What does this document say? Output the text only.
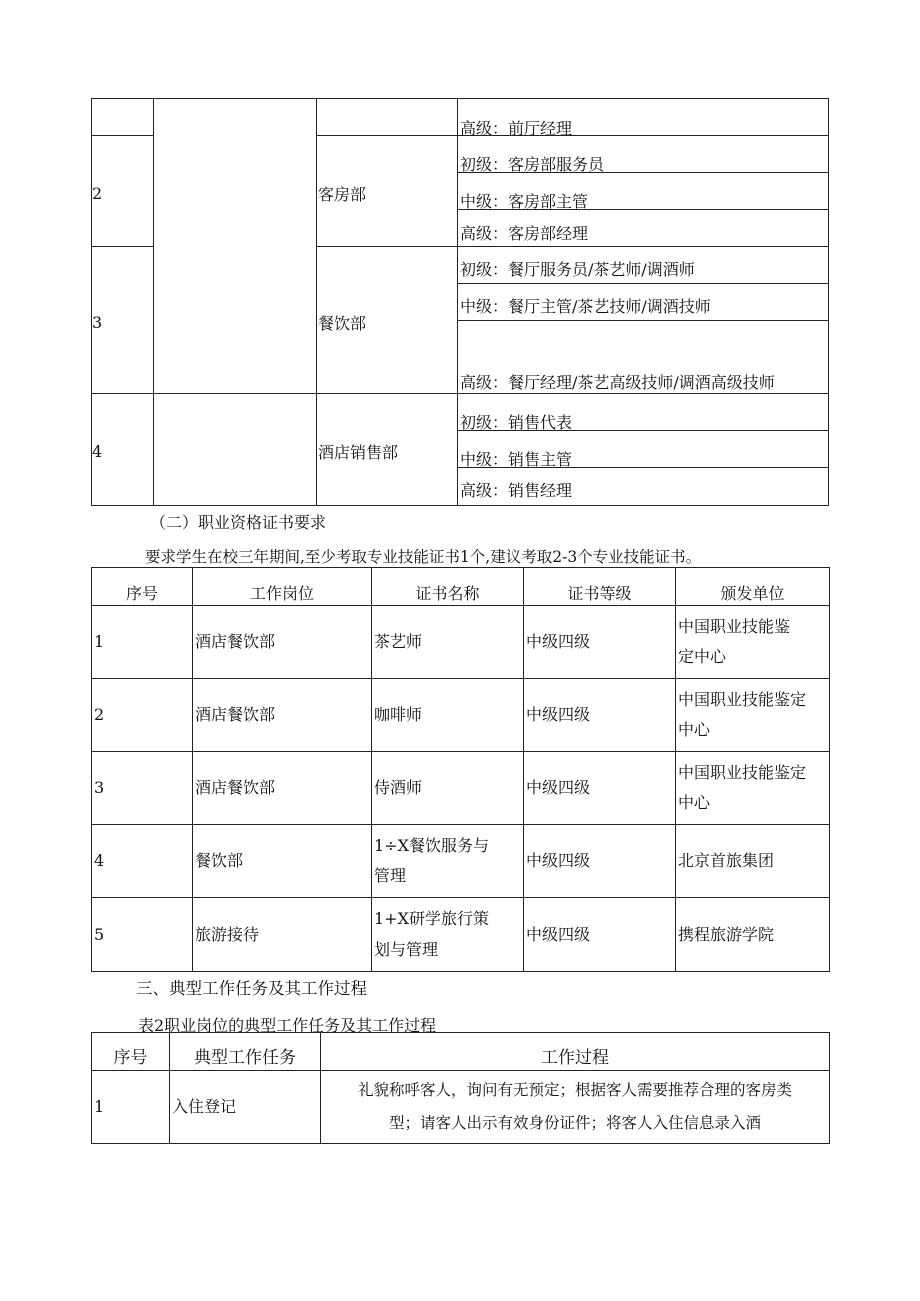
高级：前厅经理
2	客房部
初级：客房部服务员
中级：客房部主管
高级：客房部经理
3	餐饮部
初级：餐厅服务员/茶艺师/调酒师
中级：餐厅主管/茶艺技师/调酒技师
高级：餐厅经理/茶艺高级技师/调酒高级技师
4	酒店销售部
初级：销售代表
中级：销售主管
高级：销售经理
（二）职业资格证书要求
要求学生在校三年期间,至少考取专业技能证书1个,建议考取2-3个专业技能证书。
序号	工作岗位	证书名称	证书等级	颁发单位
1	酒店餐饮部	茶艺师	中级四级	中国职业技能鉴
定中心

2	酒店餐饮部	咖啡师	中级四级	中国职业技能鉴定
中心

3	酒店餐饮部	侍酒师	中级四级	中国职业技能鉴定
中心

4	餐饮部	1÷X餐饮服务与
管理	中级四级	北京首旅集团

5	旅游接待	1+X研学旅行策
划与管理	中级四级	携程旅游学院
三、典型工作任务及其工作过程
表2职业岗位的典型工作任务及其工作过程
序号	典型工作任务	工作过程
1	入住登记	礼貌称呼客人，询问有无预定；根据客人需要推荐合理的客房类
型；请客人出示有效身份证件；将客人入住信息录入酒
